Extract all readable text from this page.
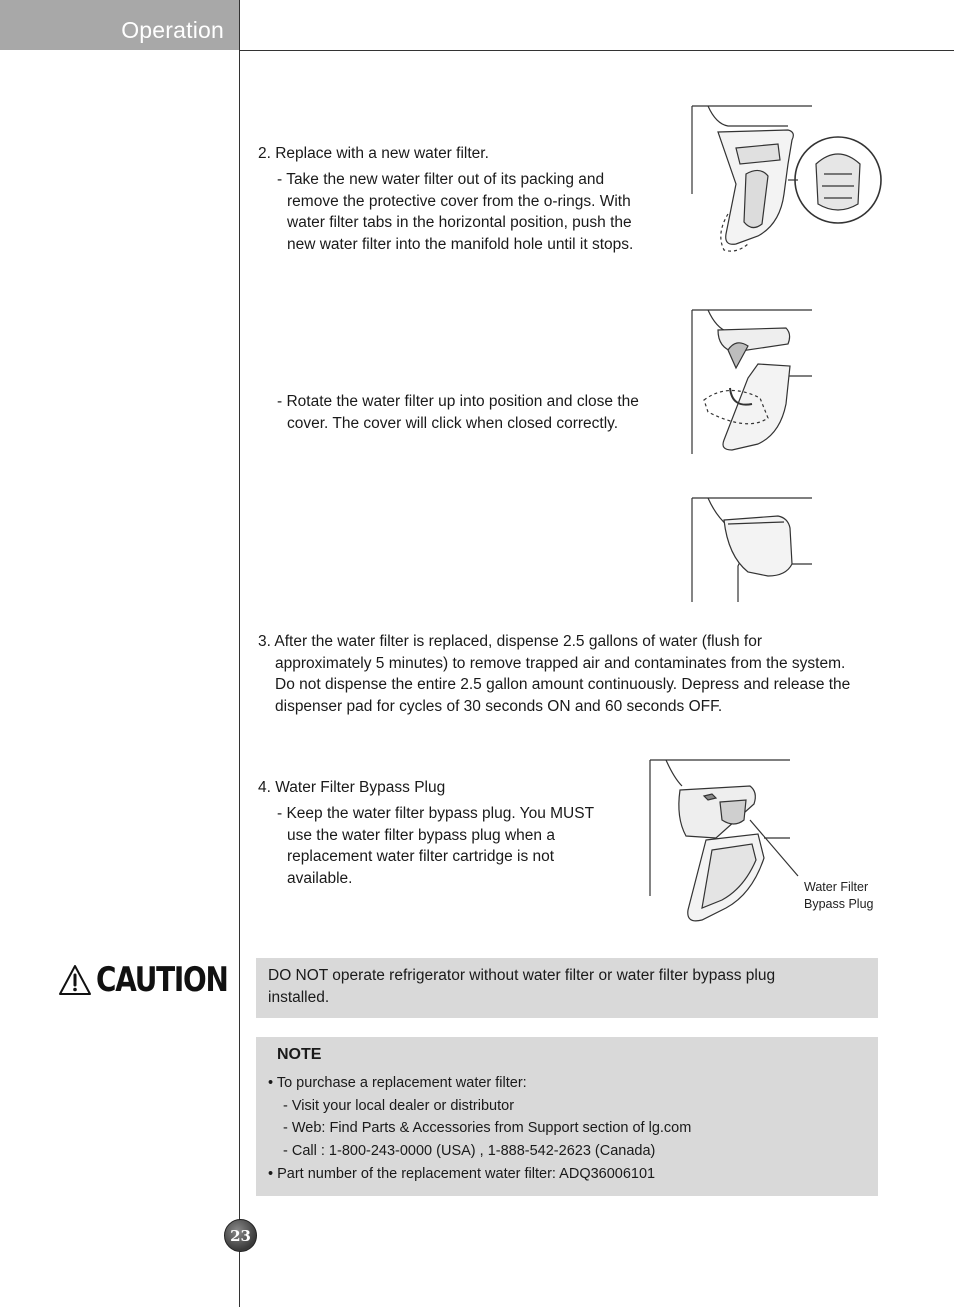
Operation
2. Replace with a new water filter.
- Take the new water filter out of its packing and
remove the protective cover from the o-rings. With
water filter tabs in the horizontal position, push the
new water filter into the manifold hole until it stops.
- Rotate the water filter up into position and close the
cover. The cover will click when closed correctly.
3. After the water filter is replaced, dispense 2.5 gallons of water (flush for
approximately 5 minutes) to remove trapped air and contaminates from the system.
Do not dispense the entire 2.5 gallon amount continuously. Depress and release the
dispenser pad for cycles of 30 seconds ON and 60 seconds OFF.
4. Water Filter Bypass Plug
- Keep the water filter bypass plug. You MUST
use the water filter bypass plug when a
replacement water filter cartridge is not
available.
Water Filter
Bypass Plug
CAUTION	DO NOT operate refrigerator without water filter or water filter bypass plug
installed.
NOTE
• To purchase a replacement water filter:
- Visit your local dealer or distributor
- Web: Find Parts & Accessories from Support section of lg.com
- Call : 1-800-243-0000 (USA) , 1-888-542-2623 (Canada)
• Part number of the replacement water filter: ADQ36006101
23
